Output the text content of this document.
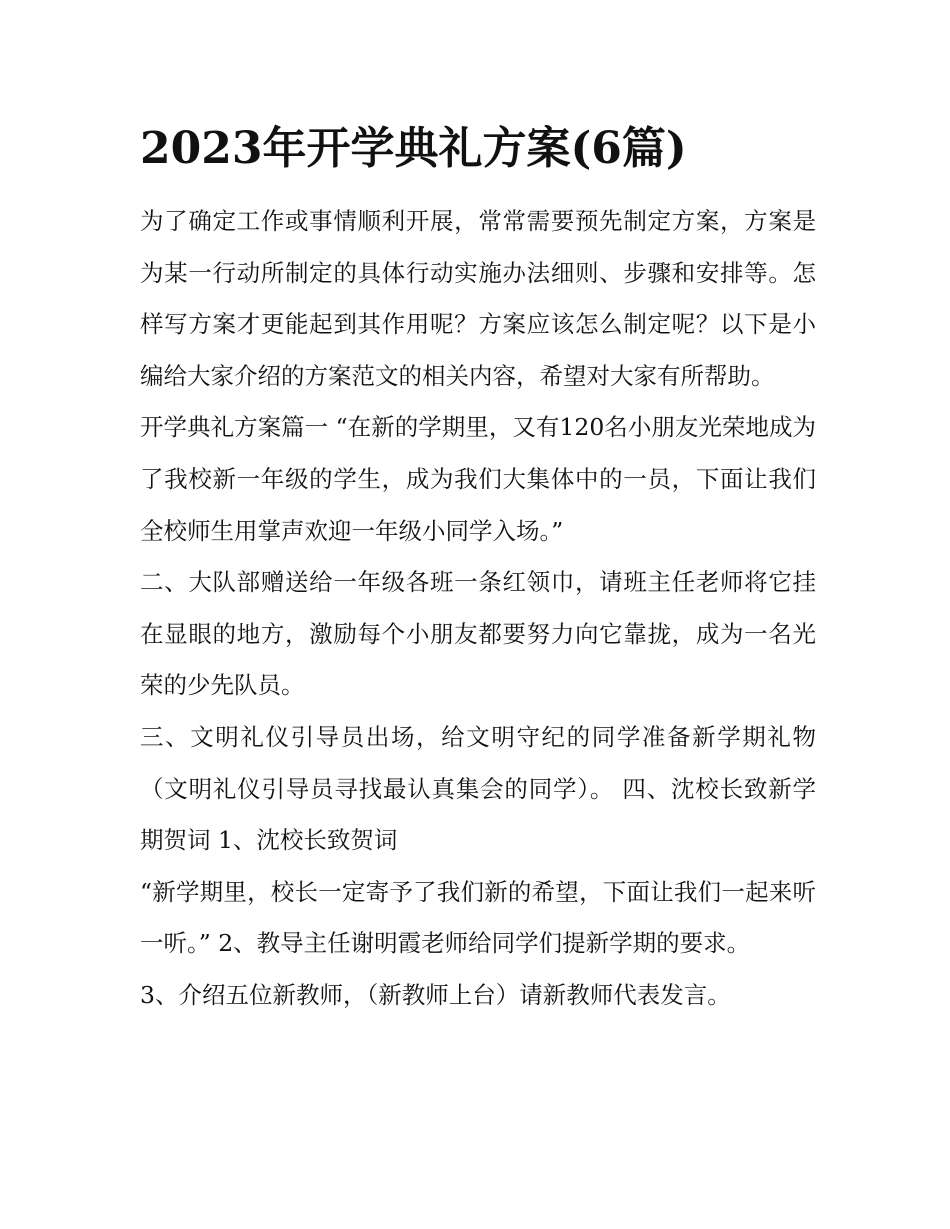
2023年开学典礼方案(6篇)

为了确定工作或事情顺利开展，常常需要预先制定方案，方案是为某一行动所制定的具体行动实施办法细则、步骤和安排等。怎样写方案才更能起到其作用呢？方案应该怎么制定呢？以下是小编给大家介绍的方案范文的相关内容，希望对大家有所帮助。

开学典礼方案篇一 “在新的学期里，又有120名小朋友光荣地成为了我校新一年级的学生，成为我们大集体中的一员，下面让我们全校师生用掌声欢迎一年级小同学入场。”

二、大队部赠送给一年级各班一条红领巾，请班主任老师将它挂在显眼的地方，激励每个小朋友都要努力向它靠拢，成为一名光荣的少先队员。

三、文明礼仪引导员出场，给文明守纪的同学准备新学期礼物（文明礼仪引导员寻找最认真集会的同学）。 四、沈校长致新学期贺词 1、沈校长致贺词

“新学期里，校长一定寄予了我们新的希望，下面让我们一起来听一听。” 2、教导主任谢明霞老师给同学们提新学期的要求。

3、介绍五位新教师，（新教师上台）请新教师代表发言。
